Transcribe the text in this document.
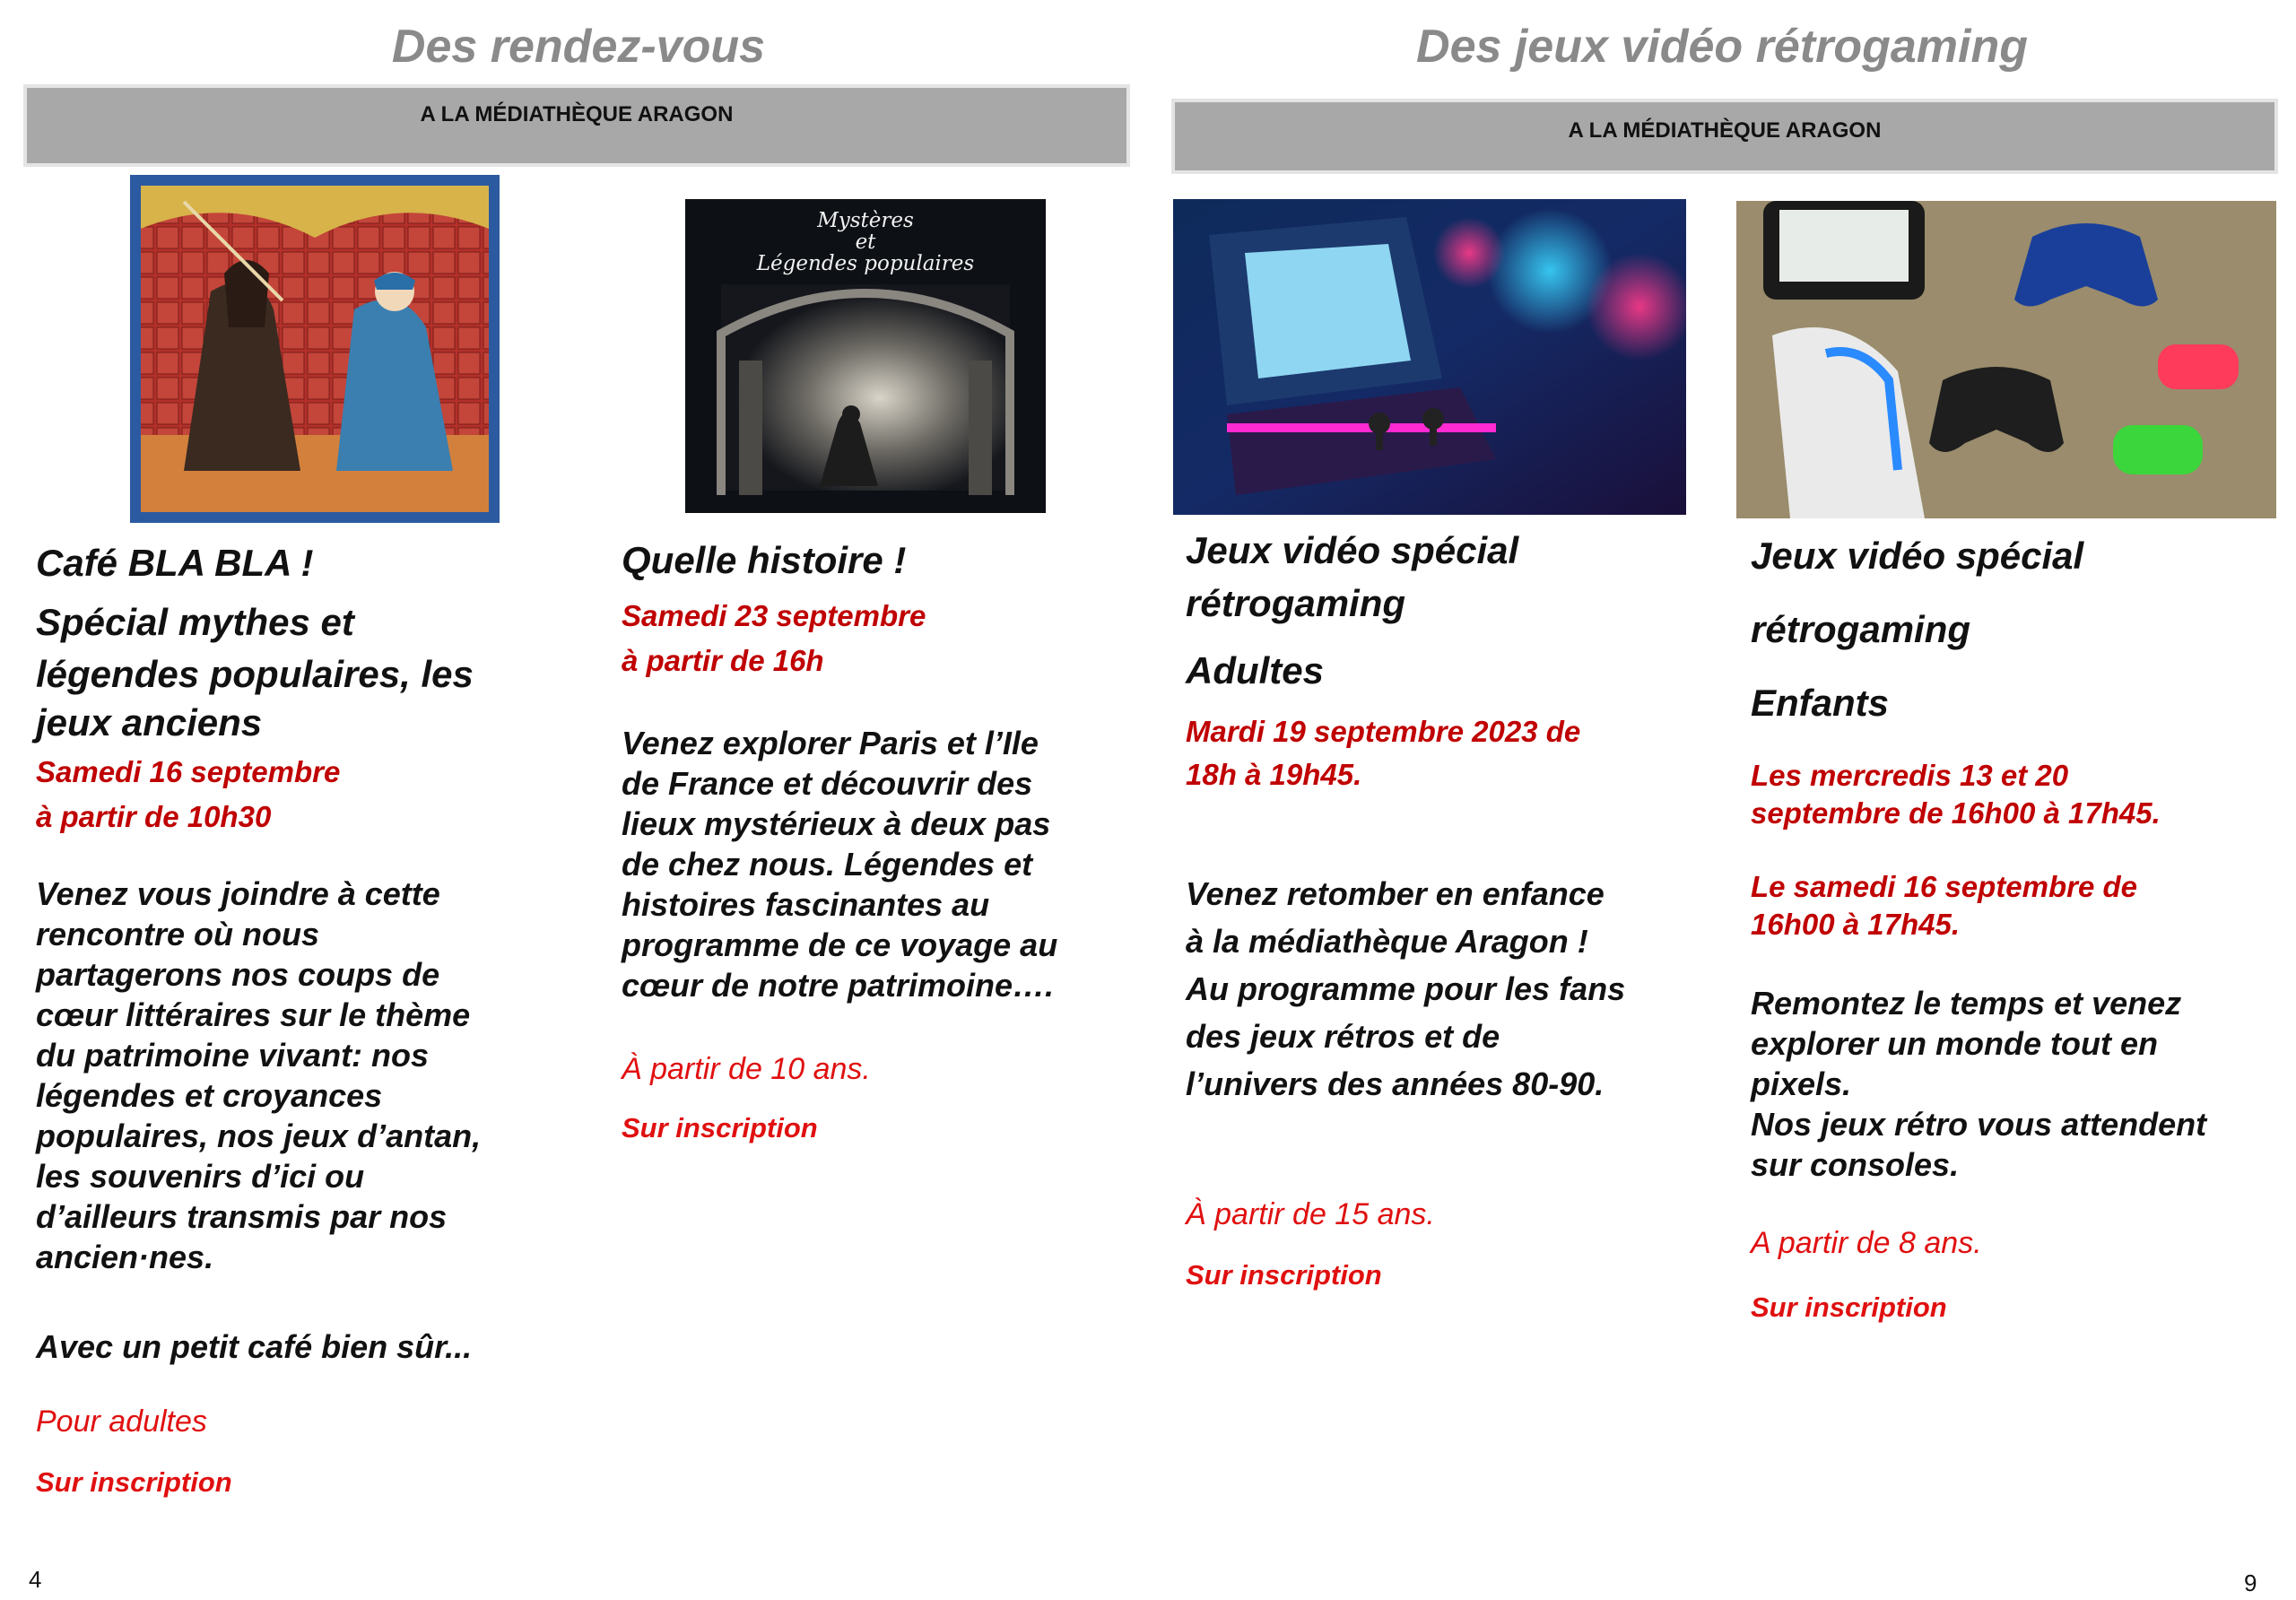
Des rendez-vous
A LA MÉDIATHÈQUE ARAGON
Mystères
et
Légendes populaires
Café BLA BLA !
Spécial mythes et
légendes populaires, les
jeux anciens
Samedi 16 septembre
à partir de 10h30
Venez vous joindre à cette
rencontre où nous
partagerons nos coups de
cœur littéraires sur le thème
du patrimoine vivant: nos
légendes et croyances
populaires, nos jeux d’antan,
les souvenirs d’ici ou
d’ailleurs transmis par nos
ancien·nes.
Avec un petit café bien sûr...
Pour adultes
Sur inscription
Quelle histoire !
Samedi 23 septembre
à partir de 16h
Venez explorer Paris et l’Ile
de France et découvrir des
lieux mystérieux à deux pas
de chez nous. Légendes et
histoires fascinantes au
programme de ce voyage au
cœur de notre patrimoine….
À partir de 10 ans.
Sur inscription
4
Des jeux vidéo rétrogaming
A LA MÉDIATHÈQUE ARAGON
Jeux vidéo spécial
rétrogaming
Adultes
Mardi 19 septembre 2023 de
18h à 19h45.
Venez retomber en enfance
à la médiathèque Aragon !
Au programme pour les fans
des jeux rétros et de
l’univers des années 80-90.
À partir de 15 ans.
Sur inscription
Jeux vidéo spécial
rétrogaming
Enfants
Les mercredis 13 et 20
septembre de 16h00 à 17h45.
Le samedi 16 septembre de
16h00 à 17h45.
Remontez le temps et venez
explorer un monde tout en
pixels.
Nos jeux rétro vous attendent
sur consoles.
A partir de 8 ans.
Sur inscription
9
